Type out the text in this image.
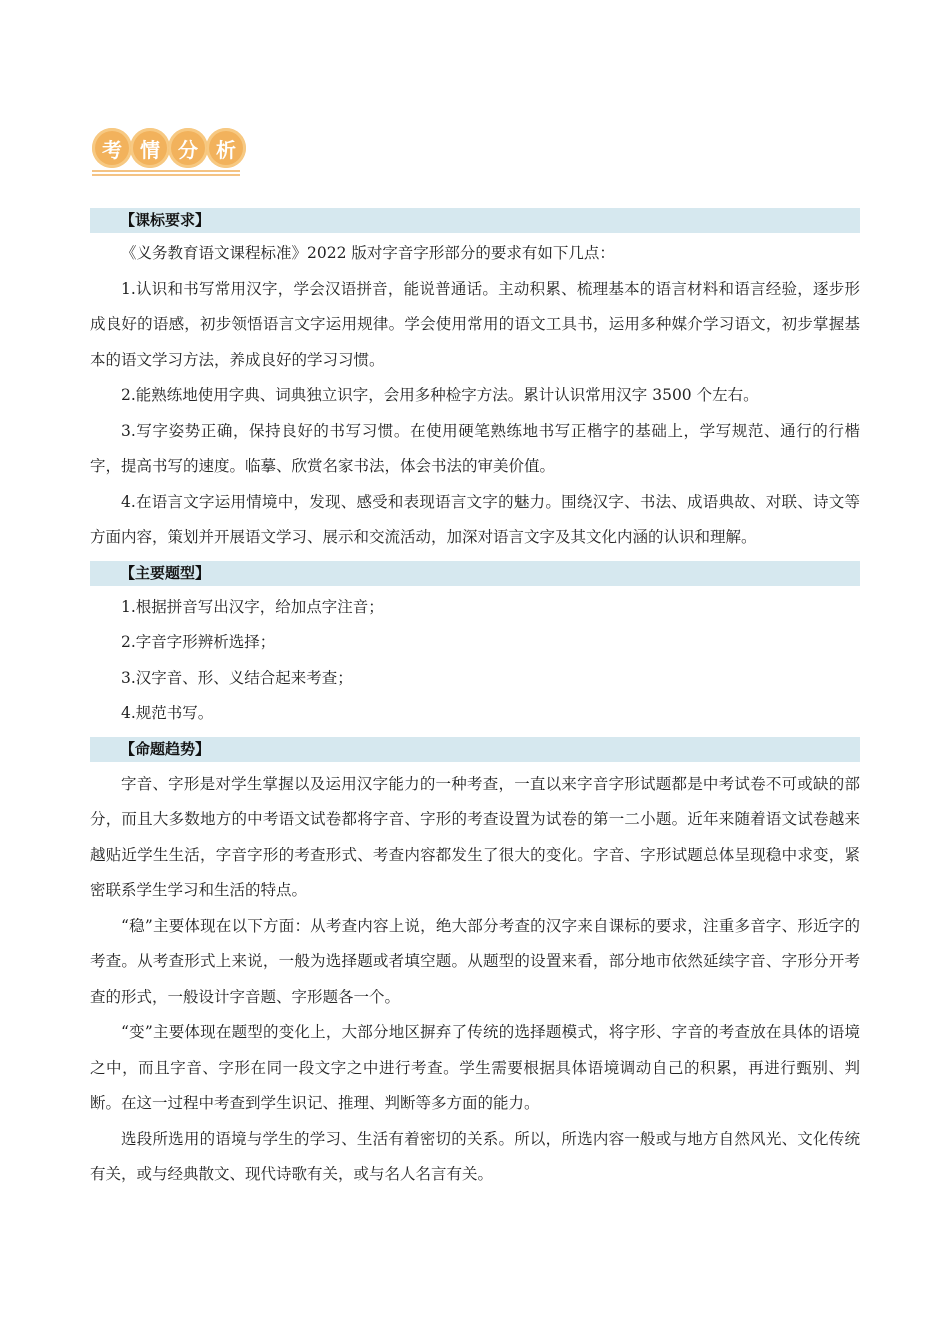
考 情 分 析
【课标要求】

《义务教育语文课程标准》2022 版对字音字形部分的要求有如下几点：

1.认识和书写常用汉字，学会汉语拼音，能说普通话。主动积累、梳理基本的语言材料和语言经验，逐步形成良好的语感，初步领悟语言文字运用规律。学会使用常用的语文工具书，运用多种媒介学习语文，初步掌握基本的语文学习方法，养成良好的学习习惯。

2.能熟练地使用字典、词典独立识字，会用多种检字方法。累计认识常用汉字 3500 个左右。

3.写字姿势正确，保持良好的书写习惯。在使用硬笔熟练地书写正楷字的基础上，学写规范、通行的行楷字，提高书写的速度。临摹、欣赏名家书法，体会书法的审美价值。

4.在语言文字运用情境中，发现、感受和表现语言文字的魅力。围绕汉字、书法、成语典故、对联、诗文等方面内容，策划并开展语文学习、展示和交流活动，加深对语言文字及其文化内涵的认识和理解。

【主要题型】

1.根据拼音写出汉字，给加点字注音；

2.字音字形辨析选择；

3.汉字音、形、义结合起来考查；

4.规范书写。

【命题趋势】

字音、字形是对学生掌握以及运用汉字能力的一种考查，一直以来字音字形试题都是中考试卷不可或缺的部分，而且大多数地方的中考语文试卷都将字音、字形的考查设置为试卷的第一二小题。近年来随着语文试卷越来越贴近学生生活，字音字形的考查形式、考查内容都发生了很大的变化。字音、字形试题总体呈现稳中求变，紧密联系学生学习和生活的特点。

“稳”主要体现在以下方面：从考查内容上说，绝大部分考查的汉字来自课标的要求，注重多音字、形近字的考查。从考查形式上来说，一般为选择题或者填空题。从题型的设置来看，部分地市依然延续字音、字形分开考查的形式，一般设计字音题、字形题各一个。

“变”主要体现在题型的变化上，大部分地区摒弃了传统的选择题模式，将字形、字音的考查放在具体的语境之中，而且字音、字形在同一段文字之中进行考查。学生需要根据具体语境调动自己的积累，再进行甄别、判断。在这一过程中考查到学生识记、推理、判断等多方面的能力。

选段所选用的语境与学生的学习、生活有着密切的关系。所以，所选内容一般或与地方自然风光、文化传统有关，或与经典散文、现代诗歌有关，或与名人名言有关。
